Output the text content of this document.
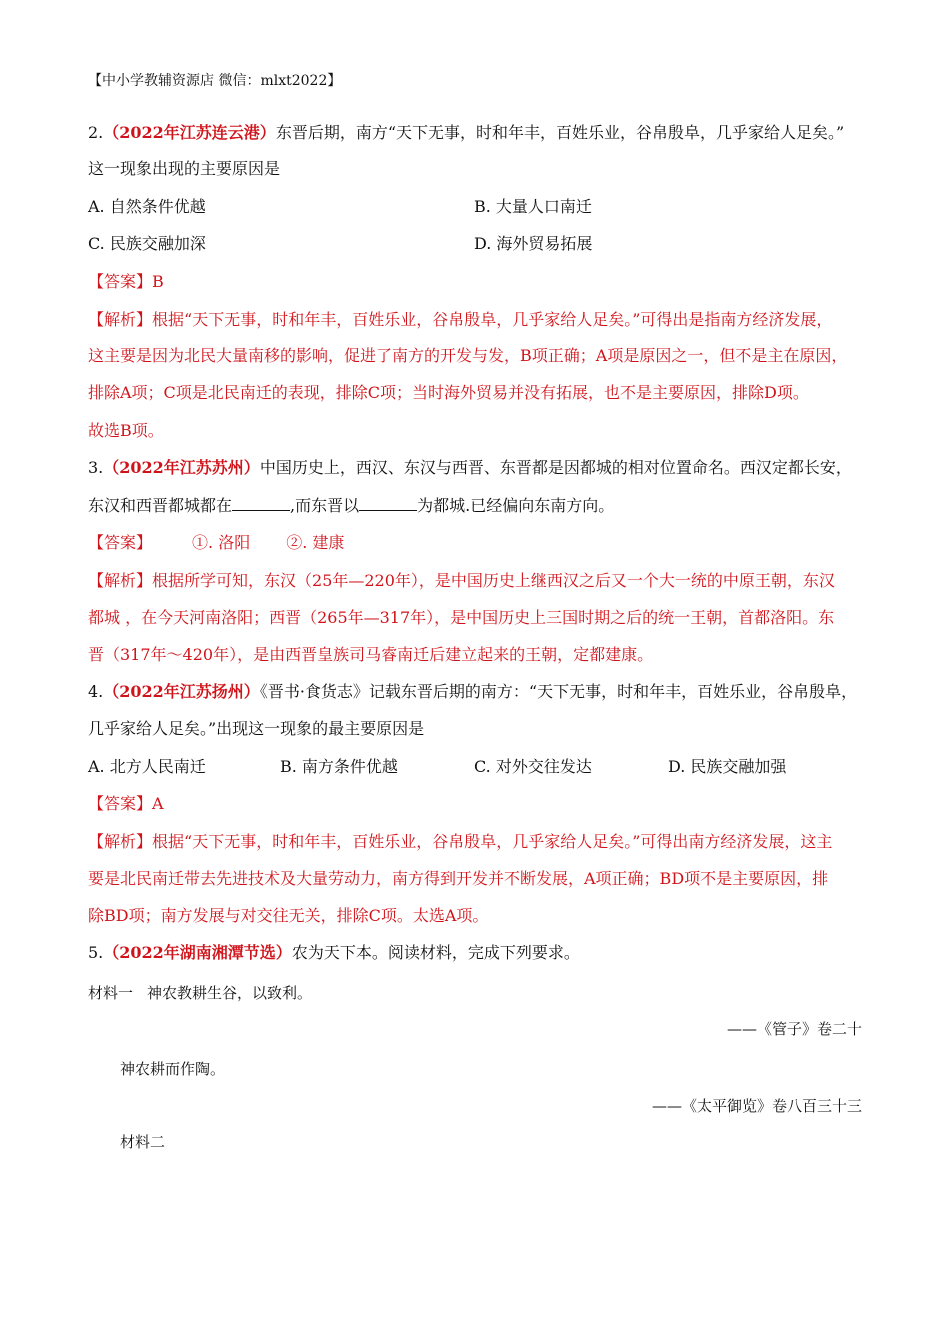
【中小学教辅资源店 微信：mlxt2022】
2.（2022年江苏连云港）东晋后期，南方“天下无事，时和年丰，百姓乐业，谷帛殷阜，几乎家给人足矣。”
这一现象出现的主要原因是
A. 自然条件优越	B. 大量人口南迁
C. 民族交融加深	D. 海外贸易拓展
【答案】B
【解析】根据“天下无事，时和年丰，百姓乐业，谷帛殷阜，几乎家给人足矣。”可得出是指南方经济发展，
这主要是因为北民大量南移的影响，促进了南方的开发与发，B项正确；A项是原因之一，但不是主在原因，
排除A项；C项是北民南迁的表现，排除C项；当时海外贸易并没有拓展，也不是主要原因，排除D项。
故选B项。
3.（2022年江苏苏州）中国历史上，西汉、东汉与西晋、东晋都是因都城的相对位置命名。西汉定都长安，
东汉和西晋都城都在	,而东晋以	为都城.已经偏向东南方向。
【答案】	①. 洛阳 ②. 建康
【解析】根据所学可知，东汉（25年—220年），是中国历史上继西汉之后又一个大一统的中原王朝，东汉
都城 ，在今天河南洛阳；西晋（265年—317年），是中国历史上三国时期之后的统一王朝，首都洛阳。东
晋（317年～420年），是由西晋皇族司马睿南迁后建立起来的王朝，定都建康。
4.（2022年江苏扬州）《晋书·食货志》记载东晋后期的南方：“天下无事，时和年丰，百姓乐业，谷帛殷阜，
几乎家给人足矣。”出现这一现象的最主要原因是
A. 北方人民南迁	B. 南方条件优越	C. 对外交往发达	D. 民族交融加强
【答案】A
【解析】根据“天下无事，时和年丰，百姓乐业，谷帛殷阜，几乎家给人足矣。”可得出南方经济发展，这主
要是北民南迁带去先进技术及大量劳动力，南方得到开发并不断发展，A项正确；BD项不是主要原因，排
除BD项；南方发展与对交往无关，排除C项。太选A项。
5.（2022年湖南湘潭节选）农为天下本。阅读材料，完成下列要求。
材料一 神农教耕生谷，以致利。
——《管子》卷二十
神农耕而作陶。
——《太平御览》卷八百三十三
材料二
